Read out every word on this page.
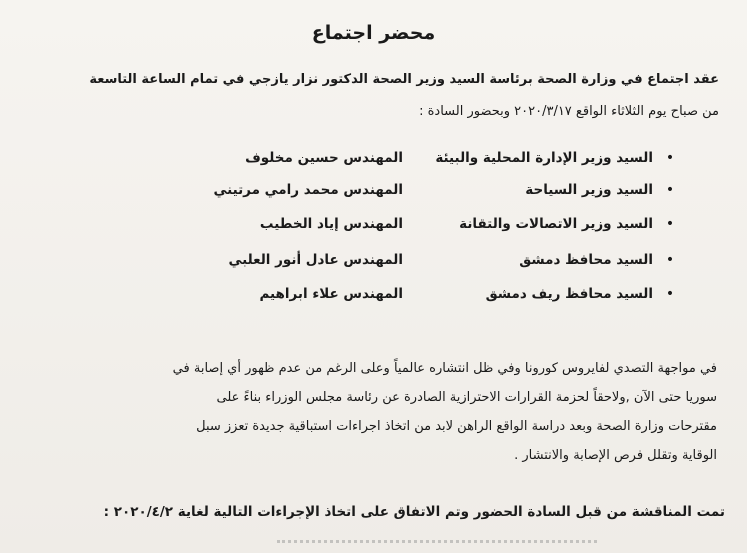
محضر اجتماع
عقد اجتماع في وزارة الصحة برئاسة السيد وزير الصحة الدكتور نزار يازجي في تمام الساعة التاسعة
من صباح يوم الثلاثاء الواقع ٢٠٢٠/٣/١٧ وبحضور السادة :
•
السيد وزير الإدارة المحلية والبيئة
المهندس حسين مخلوف
•
السيد وزير السياحة
المهندس محمد رامي مرتيني
•
السيد وزير الاتصالات والتقانة
المهندس إياد الخطيب
•
السيد محافظ دمشق
المهندس عادل أنور العلبي
•
السيد محافظ ريف دمشق
المهندس علاء ابراهيم
في مواجهة التصدي لفايروس كورونا وفي ظل انتشاره عالمياً وعلى الرغم من عدم ظهور أي إصابة في
سوريا حتى الآن ,ولاحقاً لحزمة القرارات الاحترازية الصادرة عن رئاسة مجلس الوزراء بناءً على
مقترحات وزارة الصحة وبعد دراسة الواقع الراهن لابد من اتخاذ اجراءات استباقية جديدة تعزز سبل
الوقاية وتقلل فرص الإصابة والانتشار .
تمت المناقشة من قبل السادة الحضور وتم الاتفاق على اتخاذ الإجراءات التالية لغاية ٢٠٢٠/٤/٢ :
